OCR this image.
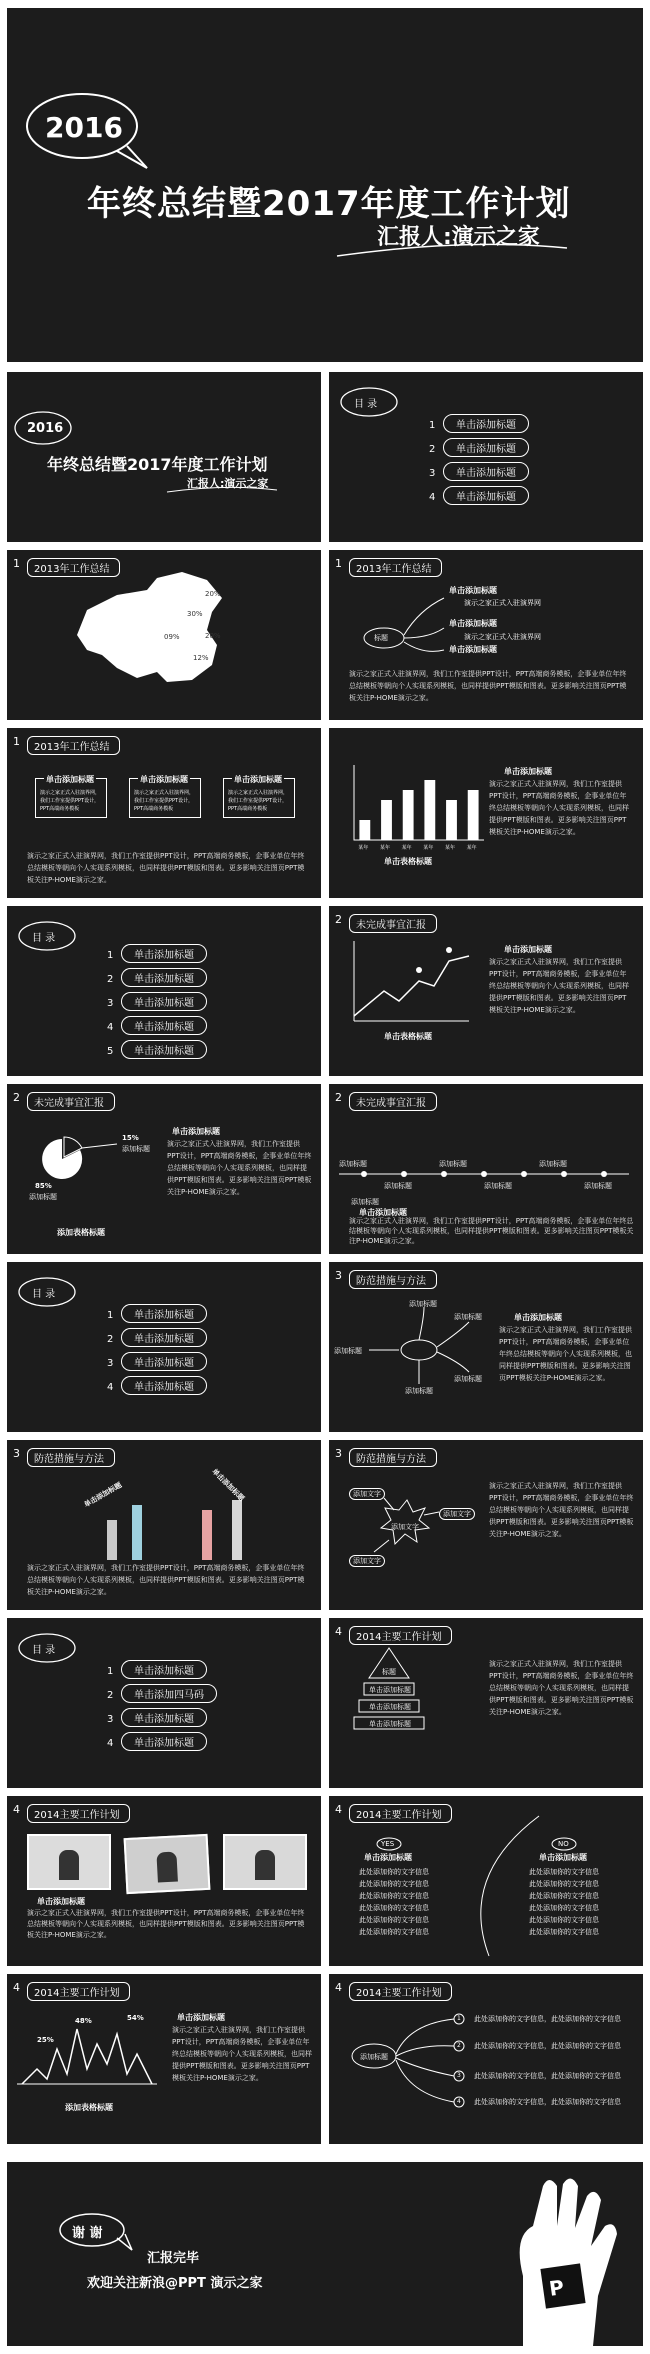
2016
年终总结暨2017年度工作计划
汇报人:演示之家
2016
年终总结暨2017年度工作计划
汇报人:演示之家
目 录
1 单击添加标题
2 单击添加标题
3 单击添加标题
4 单击添加标题
1 2013年工作总结
20%
30%
09%	20%
12%
1 2013年工作总结
标题
单击添加标题
演示之家正式入驻演界网
单击添加标题
演示之家正式入驻演界网
单击添加标题
演示之家正式入驻演界网，我们工作室提供PPT设计，PPT高端商务模板，企事业单位年终总结模板等朝向个人实现系列模板，也同样提供PPT模版和图表。更多影响关注图页PPT模板关注P-HOME演示之家。
1 2013年工作总结
单击添加标题
演示之家正式入驻演界网，我们工作室提供PPT设计，PPT高端商务模板
单击添加标题
演示之家正式入驻演界网，我们工作室提供PPT设计，PPT高端商务模板
单击添加标题
演示之家正式入驻演界网，我们工作室提供PPT设计，PPT高端商务模板
演示之家正式入驻演界网，我们工作室提供PPT设计，PPT高端商务模板，企事业单位年终总结模板等朝向个人实现系列模板，也同样提供PPT模版和图表。更多影响关注图页PPT模板关注P-HOME演示之家。
某年 某年 某年 某年 某年 某年
单击表格标题
单击添加标题
演示之家正式入驻演界网，我们工作室提供PPT设计，PPT高端商务模板，企事业单位年终总结模板等朝向个人实现系列模板，也同样提供PPT模版和图表。更多影响关注图页PPT模板关注P-HOME演示之家。
目 录
1 单击添加标题
2 单击添加标题
3 单击添加标题
4 单击添加标题
5 单击添加标题
2 未完成事宜汇报
单击表格标题
单击添加标题
演示之家正式入驻演界网，我们工作室提供PPT设计，PPT高端商务模板，企事业单位年终总结模板等朝向个人实现系列模板，也同样提供PPT模版和图表。更多影响关注图页PPT模板关注P-HOME演示之家。
2 未完成事宜汇报
15%
添加标题
85%
添加标题
添加表格标题
单击添加标题
演示之家正式入驻演界网，我们工作室提供PPT设计，PPT高端商务模板，企事业单位年终总结模板等朝向个人实现系列模板，也同样提供PPT模版和图表。更多影响关注图页PPT模板关注P-HOME演示之家。
2 未完成事宜汇报
添加标题
添加标题
添加标题
添加标题
添加标题
添加标题
添加标题
单击添加标题
演示之家正式入驻演界网，我们工作室提供PPT设计，PPT高端商务模板，企事业单位年终总结模板等朝向个人实现系列模板，也同样提供PPT模版和图表。更多影响关注图页PPT模板关注P-HOME演示之家。
目 录
1 单击添加标题
2 单击添加标题
3 单击添加标题
4 单击添加标题
3 防范措施与方法
添加标题
添加标题
添加标题
添加标题
添加标题
单击添加标题
演示之家正式入驻演界网，我们工作室提供PPT设计，PPT高端商务模板，企事业单位年终总结模板等朝向个人实现系列模板，也同样提供PPT模版和图表。更多影响关注图页PPT模板关注P-HOME演示之家。
3 防范措施与方法
单击添加标题	单击添加标题
演示之家正式入驻演界网，我们工作室提供PPT设计，PPT高端商务模板，企事业单位年终总结模板等朝向个人实现系列模板，也同样提供PPT模版和图表。更多影响关注图页PPT模板关注P-HOME演示之家。
3 防范措施与方法
添加文字
添加文字
添加文字
添加文字
演示之家正式入驻演界网，我们工作室提供PPT设计，PPT高端商务模板，企事业单位年终总结模板等朝向个人实现系列模板，也同样提供PPT模版和图表。更多影响关注图页PPT模板关注P-HOME演示之家。
目 录
1 单击添加标题
2 单击添加四马码
3 单击添加标题
4 单击添加标题
4 2014主要工作计划
标题
单击添加标题
单击添加标题
单击添加标题
演示之家正式入驻演界网，我们工作室提供PPT设计，PPT高端商务模板，企事业单位年终总结模板等朝向个人实现系列模板，也同样提供PPT模版和图表。更多影响关注图页PPT模板关注P-HOME演示之家。
4 2014主要工作计划
单击添加标题
演示之家正式入驻演界网，我们工作室提供PPT设计，PPT高端商务模板，企事业单位年终总结模板等朝向个人实现系列模板，也同样提供PPT模版和图表。更多影响关注图页PPT模板关注P-HOME演示之家。
4 2014主要工作计划
YES	NO
单击添加标题	单击添加标题
此处添加你的文字信息
此处添加你的文字信息
此处添加你的文字信息
此处添加你的文字信息
此处添加你的文字信息
此处添加你的文字信息
此处添加你的文字信息
此处添加你的文字信息
此处添加你的文字信息
此处添加你的文字信息
此处添加你的文字信息
此处添加你的文字信息
4 2014主要工作计划
25%
48%	54%
添加表格标题
单击添加标题
演示之家正式入驻演界网，我们工作室提供PPT设计，PPT高端商务模板，企事业单位年终总结模板等朝向个人实现系列模板，也同样提供PPT模版和图表。更多影响关注图页PPT模板关注P-HOME演示之家。
4 2014主要工作计划
添加标题
1
2
3
4
此处添加你的文字信息，此处添加你的文字信息
此处添加你的文字信息，此处添加你的文字信息
此处添加你的文字信息，此处添加你的文字信息
此处添加你的文字信息，此处添加你的文字信息
谢 谢
汇报完毕
欢迎关注新浪@PPT 演示之家	P
